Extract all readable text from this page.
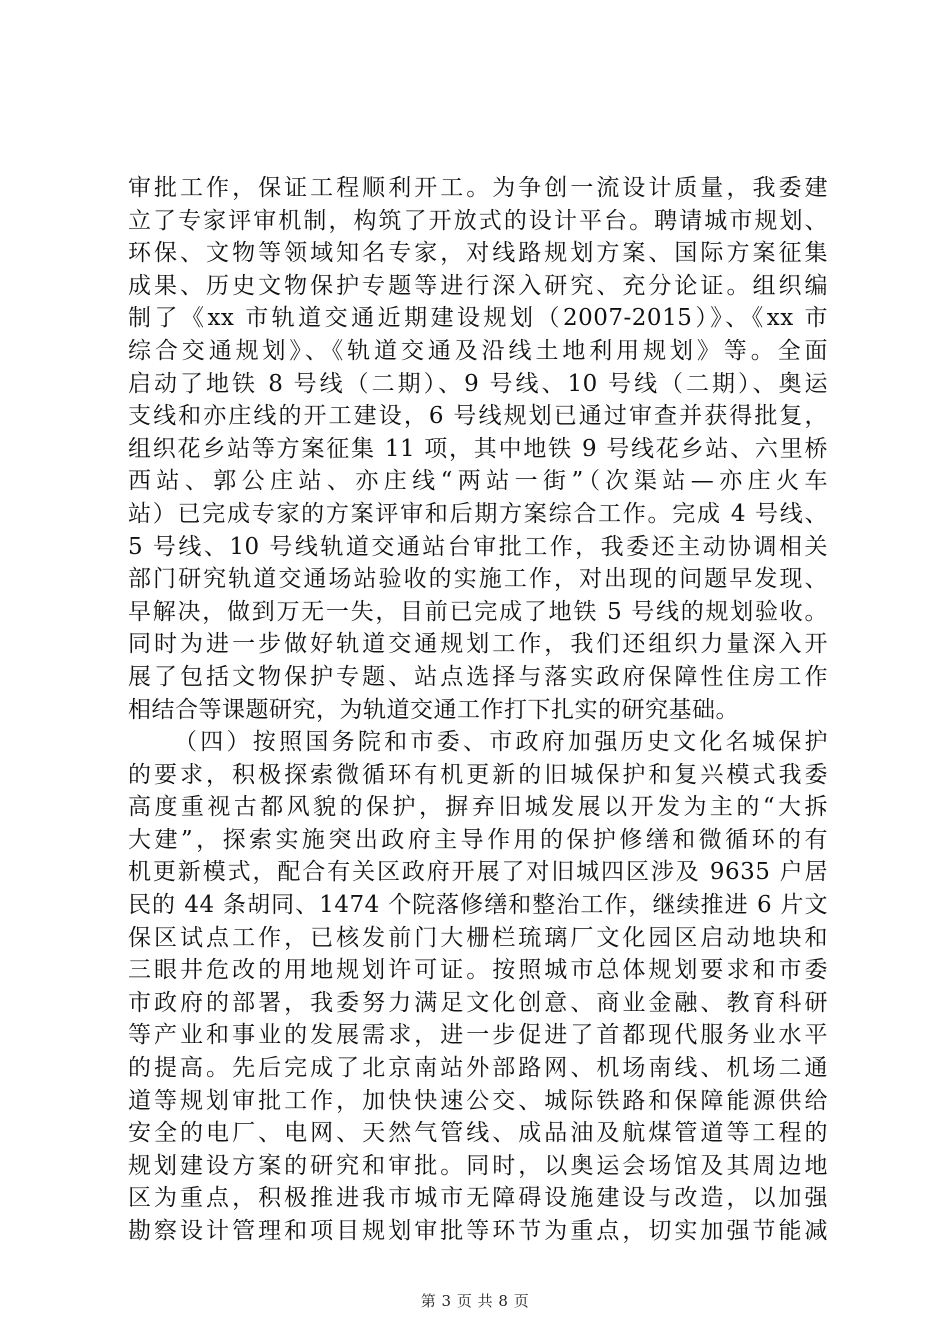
审批工作，保证工程顺利开工。为争创一流设计质量，我委建
立了专家评审机制，构筑了开放式的设计平台。聘请城市规划、
环保、文物等领域知名专家，对线路规划方案、国际方案征集
成果、历史文物保护专题等进行深入研究、充分论证。组织编
制了《xx 市轨道交通近期建设规划（2007-2015）》、《xx 市
综合交通规划》、《轨道交通及沿线土地利用规划》等。全面
启动了地铁 8 号线（二期）、9 号线、10 号线（二期）、奥运
支线和亦庄线的开工建设，6 号线规划已通过审查并获得批复，
组织花乡站等方案征集 11 项，其中地铁 9 号线花乡站、六里桥
西站、郭公庄站、亦庄线“两站一街”（次渠站—亦庄火车
站）已完成专家的方案评审和后期方案综合工作。完成 4 号线、
5 号线、10 号线轨道交通站台审批工作，我委还主动协调相关
部门研究轨道交通场站验收的实施工作，对出现的问题早发现、
早解决，做到万无一失，目前已完成了地铁 5 号线的规划验收。
同时为进一步做好轨道交通规划工作，我们还组织力量深入开
展了包括文物保护专题、站点选择与落实政府保障性住房工作
相结合等课题研究，为轨道交通工作打下扎实的研究基础。
（四）按照国务院和市委、市政府加强历史文化名城保护
的要求，积极探索微循环有机更新的旧城保护和复兴模式我委
高度重视古都风貌的保护，摒弃旧城发展以开发为主的“大拆
大建”，探索实施突出政府主导作用的保护修缮和微循环的有
机更新模式，配合有关区政府开展了对旧城四区涉及 9635 户居
民的 44 条胡同、1474 个院落修缮和整治工作，继续推进 6 片文
保区试点工作，已核发前门大栅栏琉璃厂文化园区启动地块和
三眼井危改的用地规划许可证。按照城市总体规划要求和市委
市政府的部署，我委努力满足文化创意、商业金融、教育科研
等产业和事业的发展需求，进一步促进了首都现代服务业水平
的提高。先后完成了北京南站外部路网、机场南线、机场二通
道等规划审批工作，加快快速公交、城际铁路和保障能源供给
安全的电厂、电网、天然气管线、成品油及航煤管道等工程的
规划建设方案的研究和审批。同时，以奥运会场馆及其周边地
区为重点，积极推进我市城市无障碍设施建设与改造，以加强
勘察设计管理和项目规划审批等环节为重点，切实加强节能减
第 3 页 共 8 页
